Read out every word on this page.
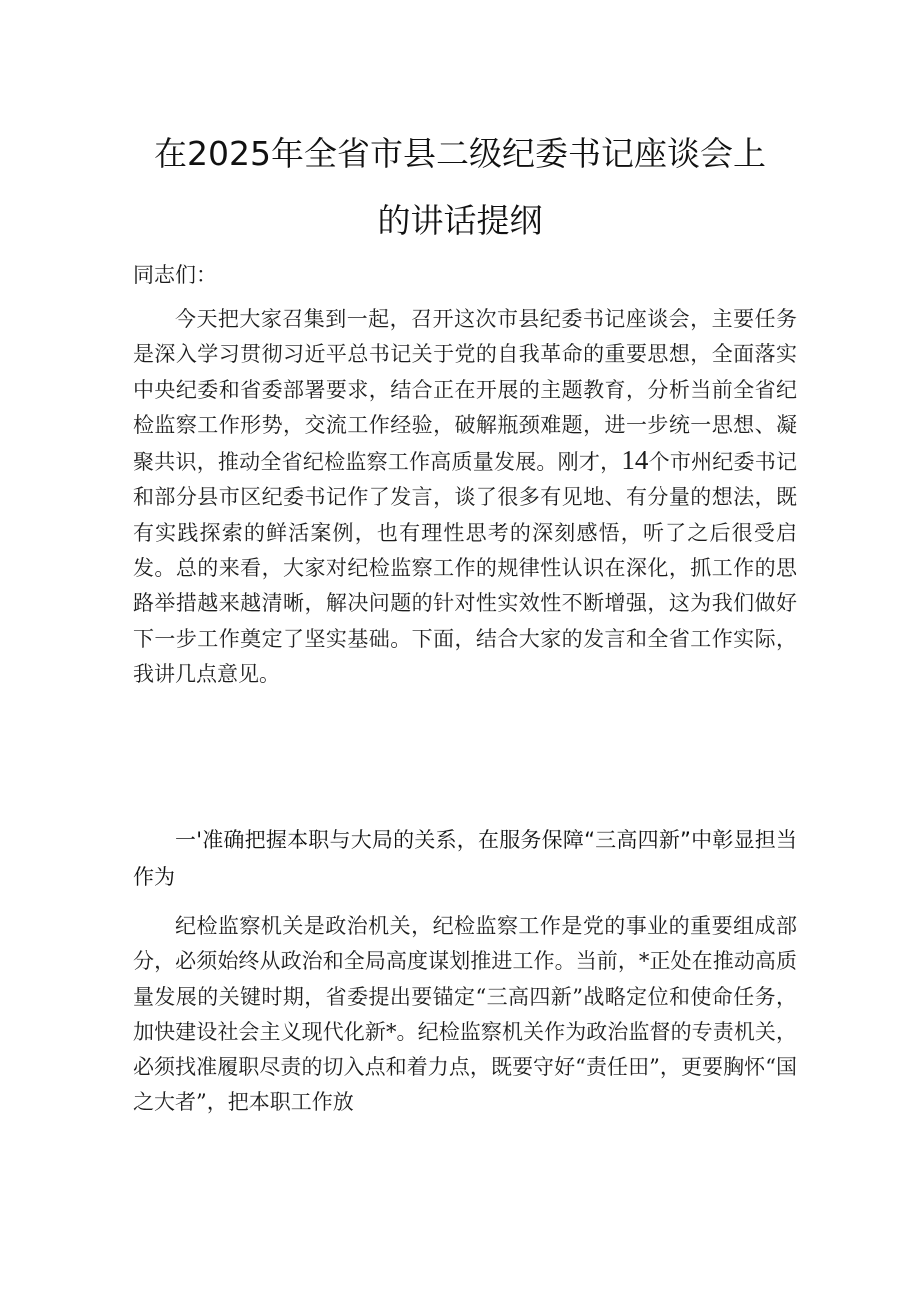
在2025年全省市县二级纪委书记座谈会上
的讲话提纲
同志们：
今天把大家召集到一起，召开这次市县纪委书记座谈会，主要任务是深入学习贯彻习近平总书记关于党的自我革命的重要思想，全面落实中央纪委和省委部署要求，结合正在开展的主题教育，分析当前全省纪检监察工作形势，交流工作经验，破解瓶颈难题，进一步统一思想、凝聚共识，推动全省纪检监察工作高质量发展。刚才，14个市州纪委书记和部分县市区纪委书记作了发言，谈了很多有见地、有分量的想法，既有实践探索的鲜活案例，也有理性思考的深刻感悟，听了之后很受启发。总的来看，大家对纪检监察工作的规律性认识在深化，抓工作的思路举措越来越清晰，解决问题的针对性实效性不断增强，这为我们做好下一步工作奠定了坚实基础。下面，结合大家的发言和全省工作实际，我讲几点意见。
一'准确把握本职与大局的关系，在服务保障“三高四新”中彰显担当作为
纪检监察机关是政治机关，纪检监察工作是党的事业的重要组成部分，必须始终从政治和全局高度谋划推进工作。当前，*正处在推动高质量发展的关键时期，省委提出要锚定“三高四新”战略定位和使命任务，加快建设社会主义现代化新*。纪检监察机关作为政治监督的专责机关，必须找准履职尽责的切入点和着力点，既要守好“责任田”，更要胸怀“国之大者”，把本职工作放
